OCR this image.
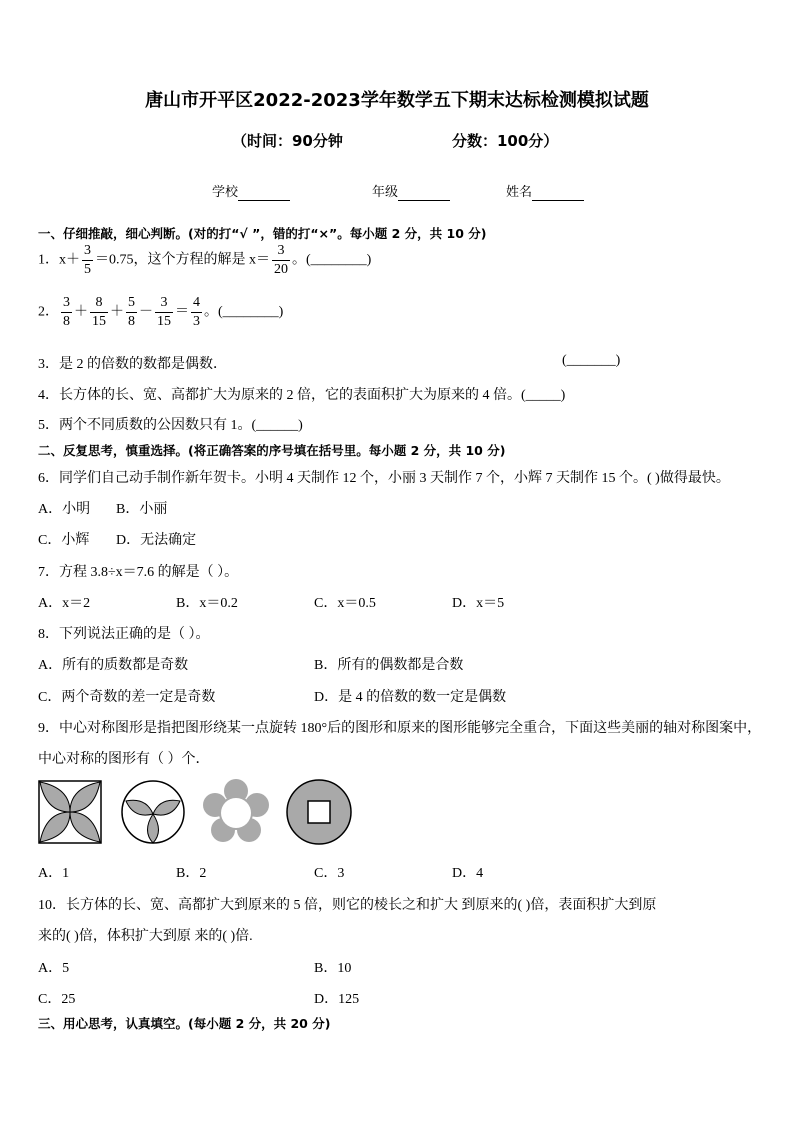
唐山市开平区2022-2023学年数学五下期末达标检测模拟试题
（时间：90分钟	分数：100分）
学校	年级	姓名
一、仔细推敲，细心判断。(对的打“√ ”，错的打“×”。每小题 2 分，共 10 分)
1．$x+ \frac{3}{5} =0.75$，这个方程的解是 $x= \frac{3}{20}$ 。(________)
2． $\frac{3}{8} + \frac{8}{15} + \frac{5}{8} - \frac{3}{15} = \frac{4}{3}$ 。(________)
3．是 2 的倍数的数都是偶数．	(_______)
4．长方体的长、宽、高都扩大为原来的 2 倍，它的表面积扩大为原来的 4 倍。(_____)
5．两个不同质数的公因数只有 1。(______)
二、反复思考，慎重选择。(将正确答案的序号填在括号里。每小题 2 分，共 10 分)
6．同学们自己动手制作新年贺卡。小明 4 天制作 12 个，小丽 3 天制作 7 个，小辉 7 天制作 15 个。( )做得最快。
A．小明 B．小丽
C．小辉 D．无法确定
7．方程 3.8÷x＝7.6 的解是（ ）。
A．x＝2	B．x＝0.2	C．x＝0.5	D．x＝5
8．下列说法正确的是（ ）。
A．所有的质数都是奇数	B．所有的偶数都是合数
C．两个奇数的差一定是奇数	D．是 4 的倍数的数一定是偶数
9．中心对称图形是指把图形绕某一点旋转 180°后的图形和原来的图形能够完全重合，下面这些美丽的轴对称图案中，
中心对称的图形有（ ）个．
A．1	B．2	C．3	D．4
10．长方体的长、宽、高都扩大到原来的 5 倍，则它的棱长之和扩大 到原来的( )倍，表面积扩大到原
来的( )倍，体积扩大到原 来的( )倍.
A．5	B．10
C．25	D．125
三、用心思考，认真填空。(每小题 2 分，共 20 分)
